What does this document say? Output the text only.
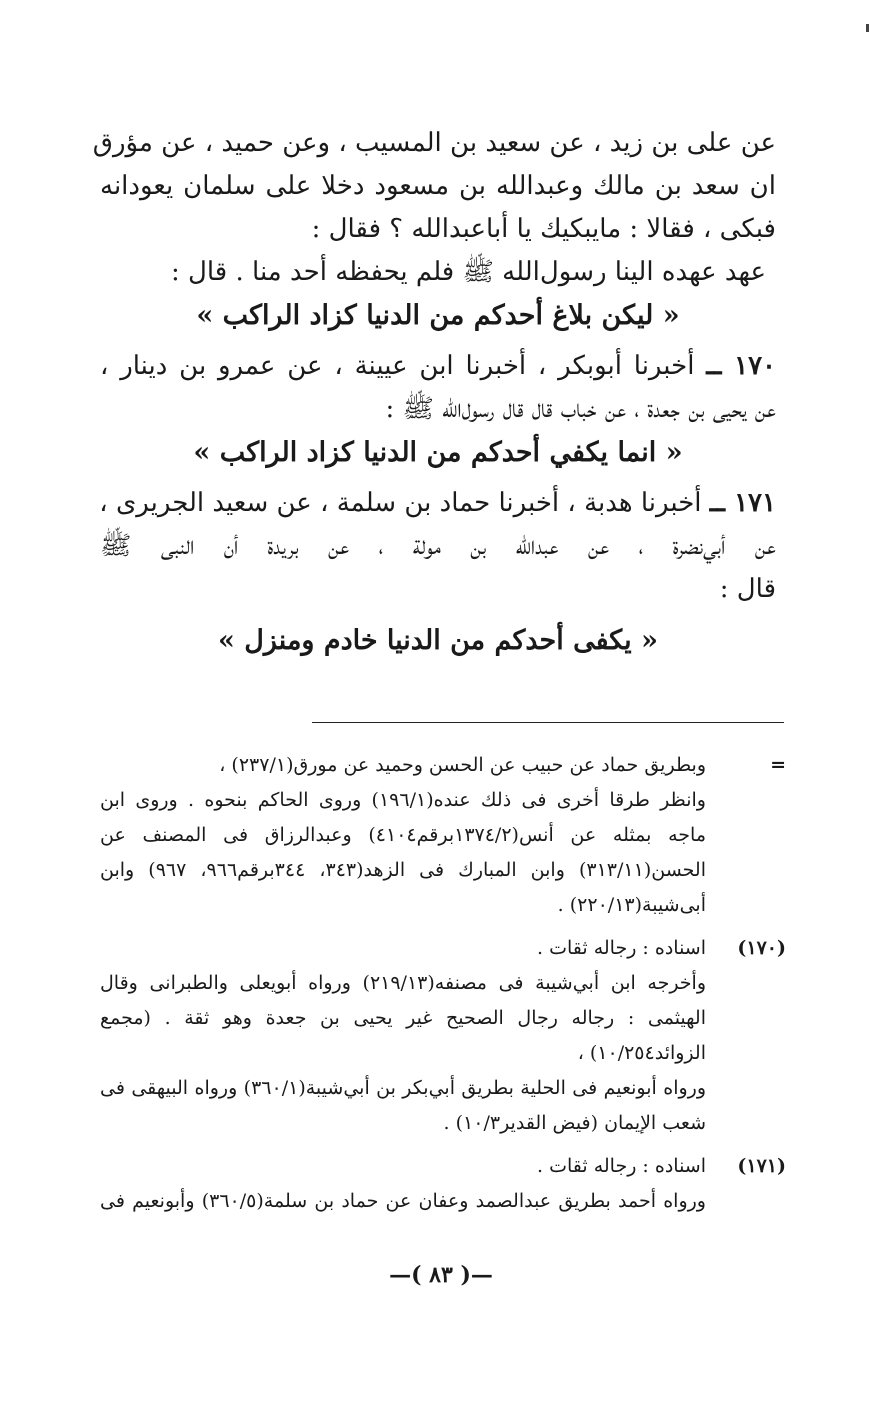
عن على بن زيد ، عن سعيد بن المسيب ، وعن حميد ، عن مؤرق
ان سعد بن مالك وعبدالله بن مسعود دخلا على سلمان يعودانه
فبكى ، فقالا : مايبكيك يا أباعبدالله ؟ فقال :
عهد عهده الينا رسول‌الله ﷺ فلم يحفظه أحد منا . قال :
« ليكن بلاغ أحدكم من الدنيا كزاد الراكب »
١٧٠ ــ أخبرنا أبوبكر ، أخبرنا ابن عيينة ، عن عمرو بن دينار ،
عن يحيى بن جعدة ، عن خباب قال قال رسول‌الله ﷺ :
« انما يكفي أحدكم من الدنيا كزاد الراكب »
١٧١ ــ أخبرنا هدبة ، أخبرنا حماد بن سلمة ، عن سعيد الجريرى ،
عن أبي‌نضرة ، عن عبدالله بن مولة ، عن بريدة أن النبى ﷺ
قال :
« يكفى أحدكم من الدنيا خادم ومنزل »
=
وبطريق حماد عن حبيب عن الحسن وحميد عن مورق(٢٣٧/١) ،
وانظر طرقا أخرى فى ذلك عنده(١٩٦/١) وروى الحاكم بنحوه . وروى ابن
ماجه بمثله عن أنس(١٣٧٤/٢برقم٤١٠٤) وعبدالرزاق فى المصنف عن
الحسن(٣١٣/١١) وابن المبارك فى الزهد(٣٤٣، ٣٤٤برقم٩٦٦، ٩٦٧) وابن
أبى‌شيبة(٢٢٠/١٣) .
(١٧٠)
اسناده : رجاله ثقات .
وأخرجه ابن أبي‌شيبة فى مصنفه(٢١٩/١٣) ورواه أبويعلى والطبرانى وقال
الهيثمى : رجاله رجال الصحيح غير يحيى بن جعدة وهو ثقة . (مجمع
الزوائد١٠/٢٥٤) ،
ورواه أبونعيم فى الحلية بطريق أبي‌بكر بن أبي‌شيبة(٣٦٠/١) ورواه البيهقى فى
شعب الإيمان (فيض القدير١٠/٣) .
(١٧١)
اسناده : رجاله ثقات .
ورواه أحمد بطريق عبدالصمد وعفان عن حماد بن سلمة(٣٦٠/٥) وأبونعيم فى
—( ٨٣ )—
